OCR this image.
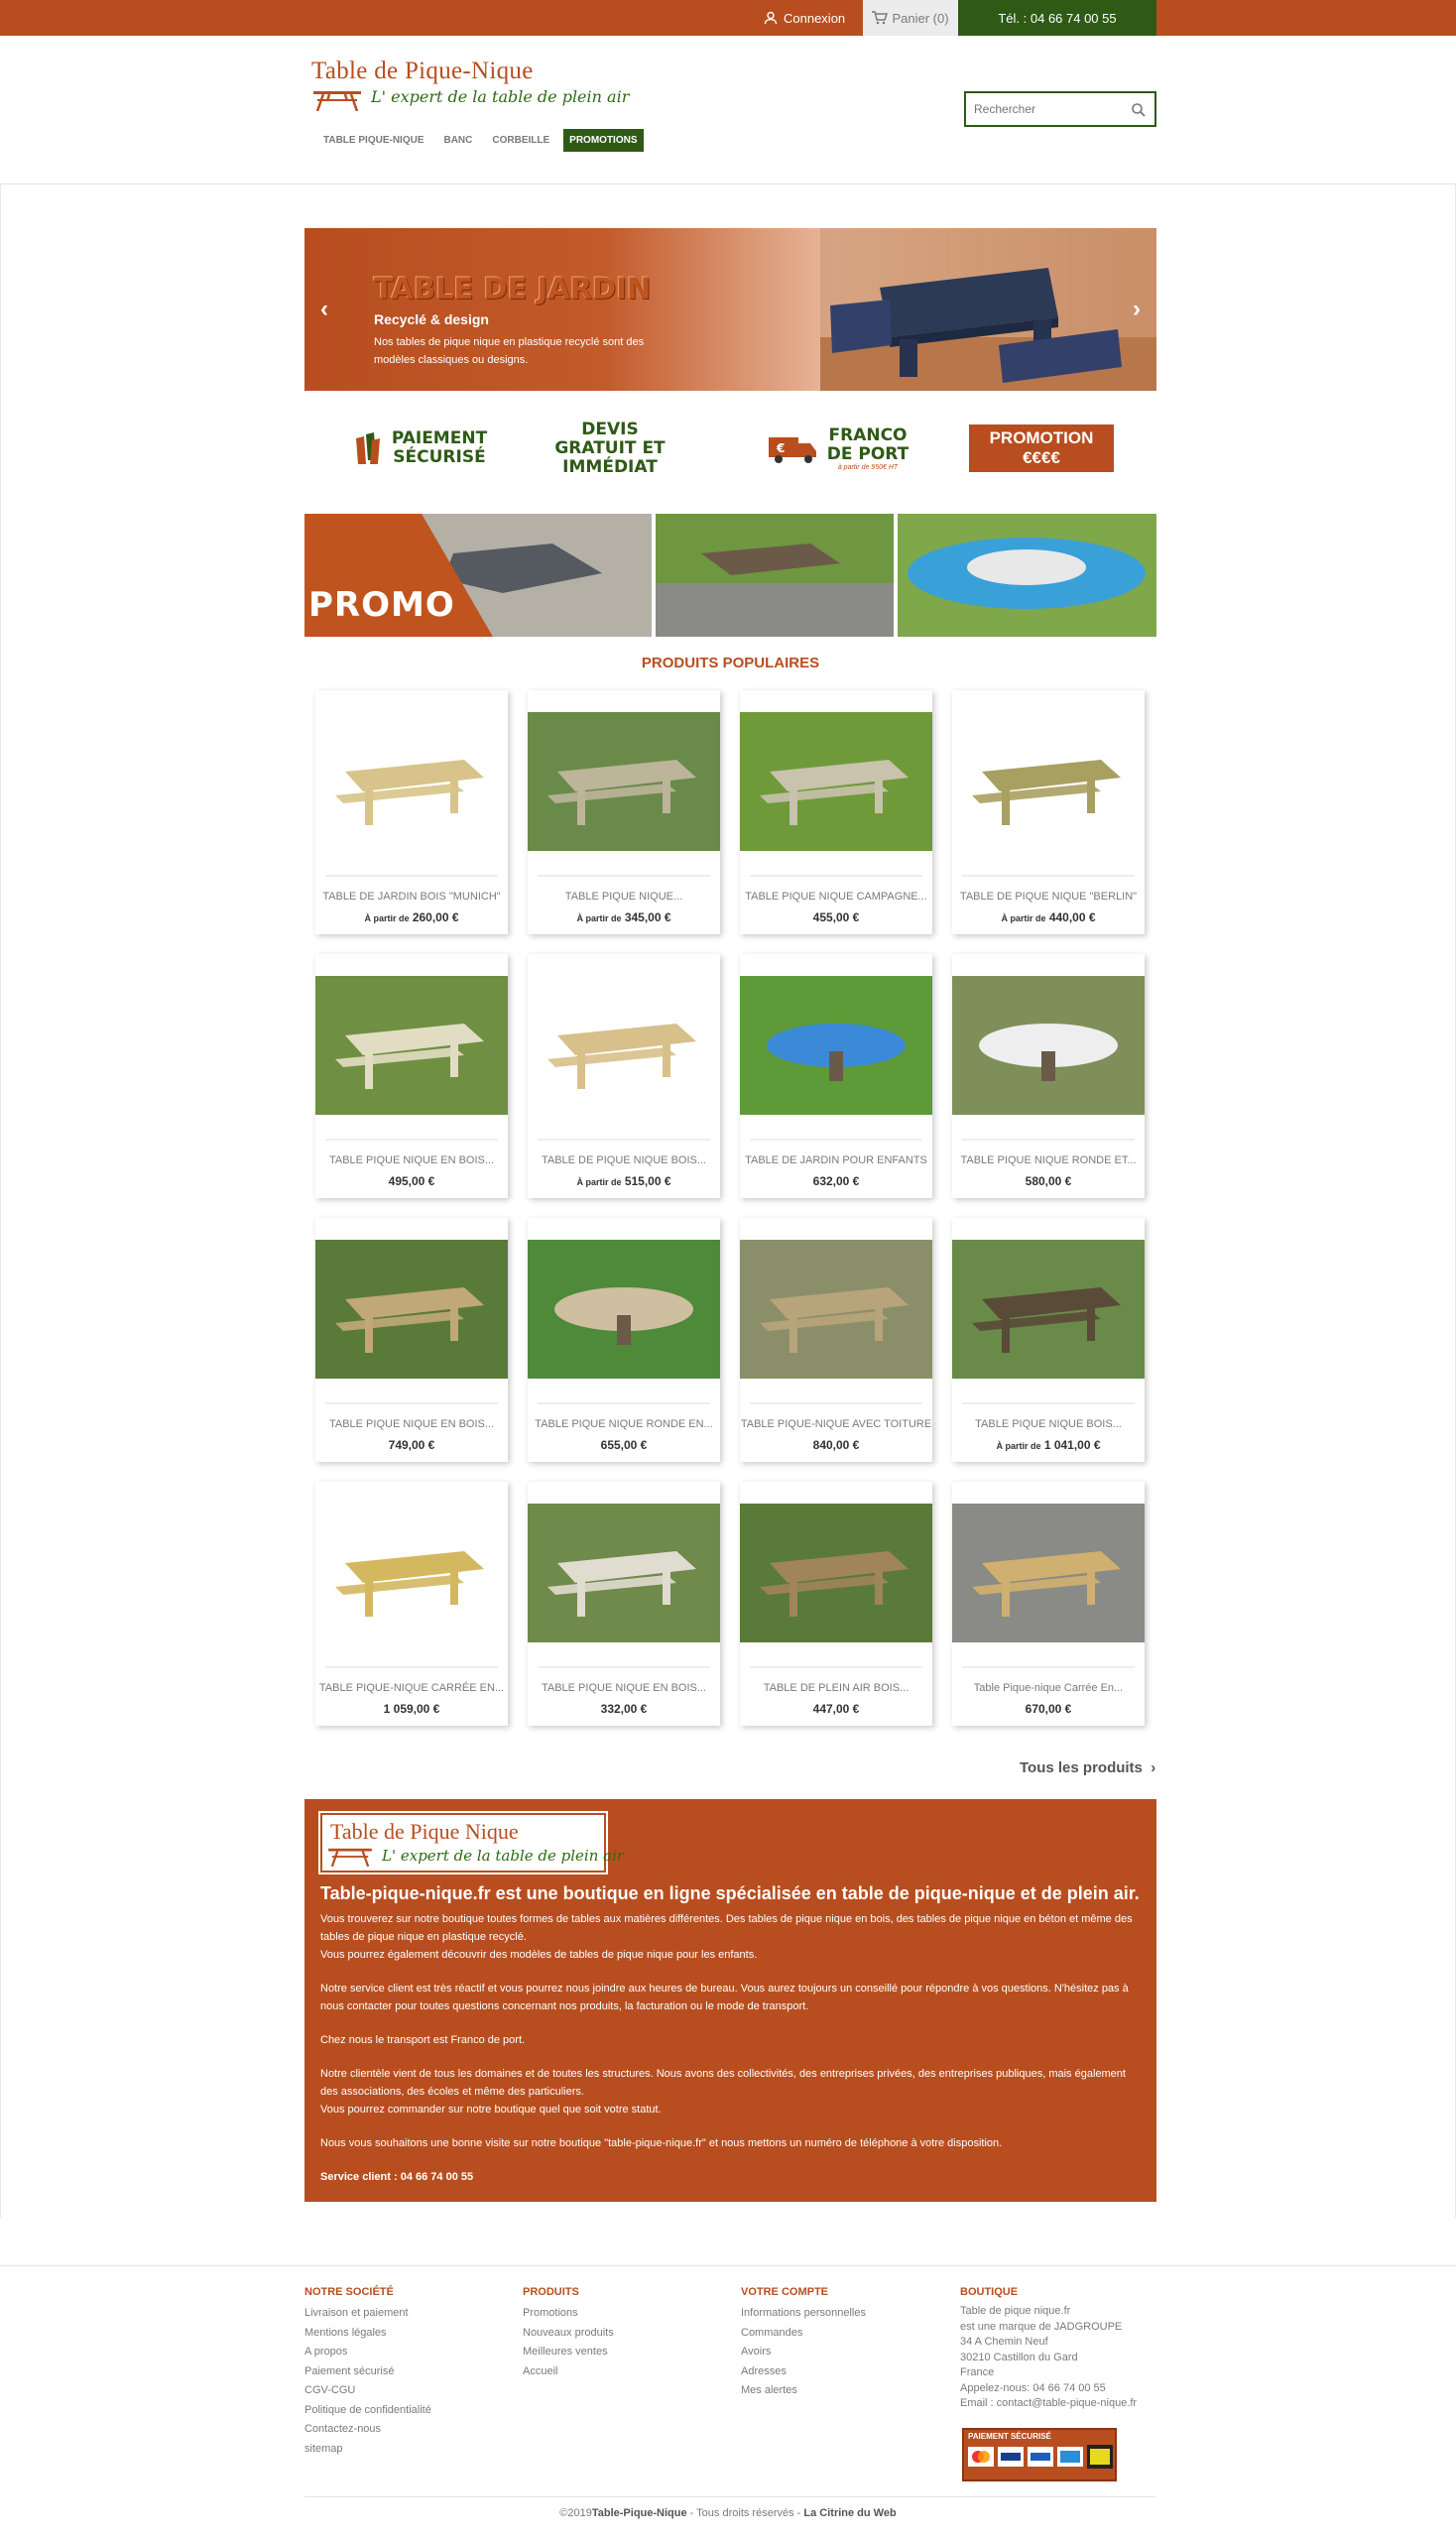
Connexion	Panier (0)	Tél. : 04 66 74 00 55
Table de Pique-Nique
L' expert de la table de plein air
TABLE PIQUE-NIQUE	BANC	CORBEILLE	PROMOTIONS
Rechercher
‹	›
TABLE DE JARDIN
Recyclé & design
Nos tables de pique nique en plastique recyclé sont des modèles classiques ou designs.
PAIEMENT SÉCURISÉ
DEVIS GRATUIT ET IMMÉDIAT
€
FRANCO DE PORT
à partir de 950€ HT
PROMOTION
€€€€
PROMO
PRODUITS POPULAIRES
TABLE DE JARDIN BOIS "MUNICH"
À partir de 260,00 €
TABLE PIQUE NIQUE...
À partir de 345,00 €
TABLE PIQUE NIQUE CAMPAGNE...
455,00 €
TABLE DE PIQUE NIQUE "BERLIN"
À partir de 440,00 €
TABLE PIQUE NIQUE EN BOIS...
495,00 €
TABLE DE PIQUE NIQUE BOIS...
À partir de 515,00 €
TABLE DE JARDIN POUR ENFANTS
632,00 €
TABLE PIQUE NIQUE RONDE ET...
580,00 €
TABLE PIQUE NIQUE EN BOIS...
749,00 €
TABLE PIQUE NIQUE RONDE EN...
655,00 €
TABLE PIQUE-NIQUE AVEC TOITURE
840,00 €
TABLE PIQUE NIQUE BOIS...
À partir de 1 041,00 €
TABLE PIQUE-NIQUE CARRÉE EN...
1 059,00 €
TABLE PIQUE NIQUE EN BOIS...
332,00 €
TABLE DE PLEIN AIR BOIS...
447,00 €
Table Pique-nique Carrée En...
670,00 €
Tous les produits  ›
Table de Pique Nique
L' expert de la table de plein air
Table-pique-nique.fr est une boutique en ligne spécialisée en table de pique-nique et de plein air.

Vous trouverez sur notre boutique toutes formes de tables aux matières différentes. Des tables de pique nique en bois, des tables de pique nique en béton et même des tables de pique nique en plastique recyclé.
Vous pourrez également découvrir des modèles de tables de pique nique pour les enfants.

Notre service client est très réactif et vous pourrez nous joindre aux heures de bureau. Vous aurez toujours un conseillé pour répondre à vos questions. N'hésitez pas à nous contacter pour toutes questions concernant nos produits, la facturation ou le mode de transport.

Chez nous le transport est Franco de port.

Notre clientèle vient de tous les domaines et de toutes les structures. Nous avons des collectivités, des entreprises privées, des entreprises publiques, mais également des associations, des écoles et même des particuliers.
Vous pourrez commander sur notre boutique quel que soit votre statut.

Nous vous souhaitons une bonne visite sur notre boutique "table-pique-nique.fr" et nous mettons un numéro de téléphone à votre disposition.

Service client : 04 66 74 00 55

NOTRE SOCIÉTÉ
Livraison et paiement
Mentions légales
A propos
Paiement sécurisé
CGV-CGU
Politique de confidentialité
Contactez-nous
sitemap
PRODUITS
Promotions
Nouveaux produits
Meilleures ventes
Accueil
VOTRE COMPTE
Informations personnelles
Commandes
Avoirs
Adresses
Mes alertes
BOUTIQUE
Table de pique nique.fr
est une marque de JADGROUPE
34 A Chemin Neuf
30210 Castillon du Gard
France
Appelez-nous: 04 66 74 00 55
Email : contact@table-pique-nique.fr
PAIEMENT SÉCURISÉ
©2019Table-Pique-Nique - Tous droits réservés - La Citrine du Web
